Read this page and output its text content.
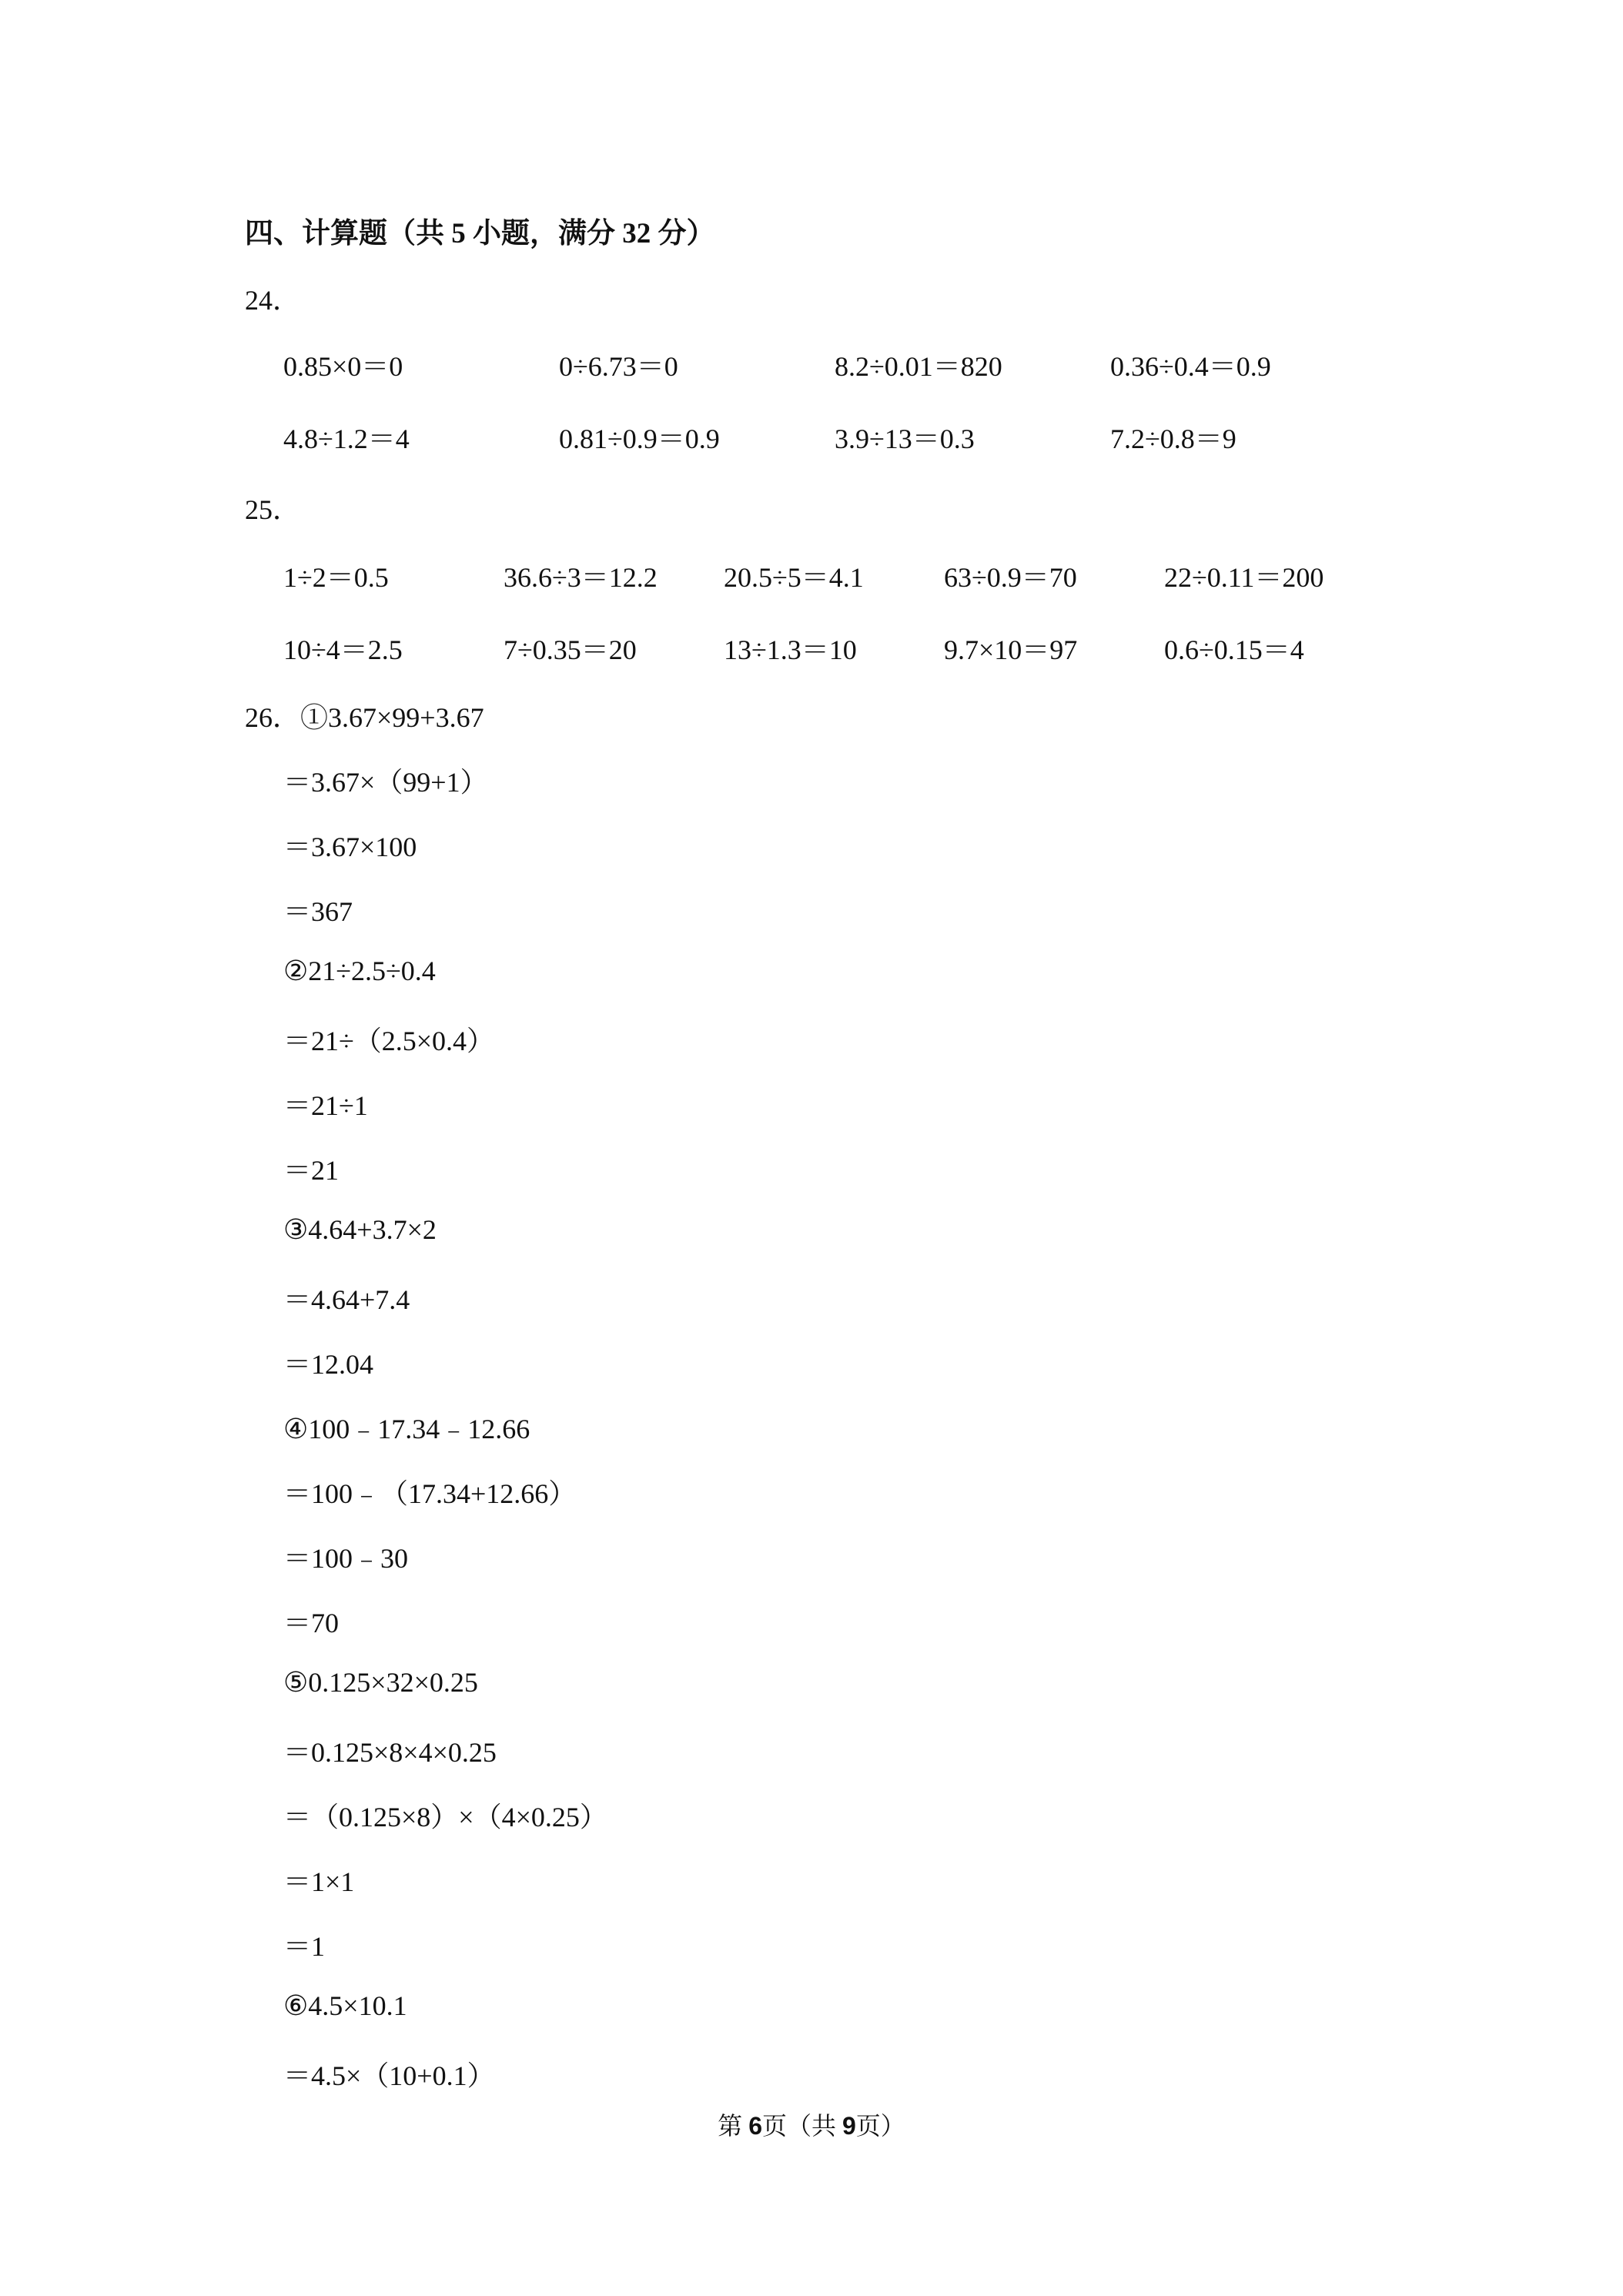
四、计算题（共 5 小题，满分 32 分）
24．
0.85×0＝0	0÷6.73＝0	8.2÷0.01＝820	0.36÷0.4＝0.9
4.8÷1.2＝4	0.81÷0.9＝0.9	3.9÷13＝0.3	7.2÷0.8＝9
25．
1÷2＝0.5	36.6÷3＝12.2 20.5÷5＝4.1	63÷0.9＝70	22÷0.11＝200
10÷4＝2.5	7÷0.35＝20	13÷1.3＝10	9.7×10＝97	0.6÷0.15＝4
26．①3.67×99+3.67
＝3.67×（99+1）
＝3.67×100
＝367
②21÷2.5÷0.4
＝21÷（2.5×0.4）
＝21÷1
＝21
③4.64+3.7×2
＝4.64+7.4
＝12.04
④100﹣17.34﹣12.66
＝100﹣（17.34+12.66）
＝100﹣30
＝70
⑤0.125×32×0.25
＝0.125×8×4×0.25
＝（0.125×8）×（4×0.25）
＝1×1
＝1
⑥4.5×10.1
＝4.5×（10+0.1）
第 6页（共 9页）
